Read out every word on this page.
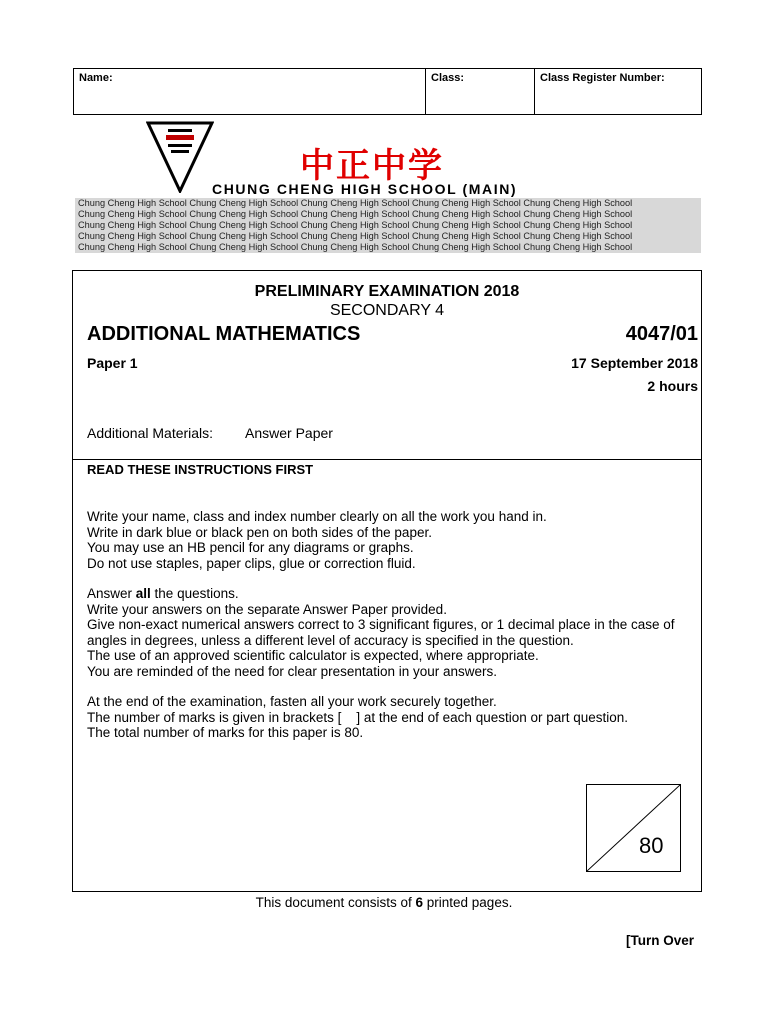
Name:	Class:	Class Register Number:
中正中学
CHUNG CHENG HIGH SCHOOL (MAIN)
Chung Cheng High School Chung Cheng High School Chung Cheng High School Chung Cheng High School Chung Cheng High School
Chung Cheng High School Chung Cheng High School Chung Cheng High School Chung Cheng High School Chung Cheng High School
Chung Cheng High School Chung Cheng High School Chung Cheng High School Chung Cheng High School Chung Cheng High School
Chung Cheng High School Chung Cheng High School Chung Cheng High School Chung Cheng High School Chung Cheng High School
Chung Cheng High School Chung Cheng High School Chung Cheng High School Chung Cheng High School Chung Cheng High School
PRELIMINARY EXAMINATION 2018
SECONDARY 4
ADDITIONAL MATHEMATICS	4047/01
Paper 1	17 September 2018
2 hours
Additional Materials: Answer Paper
READ THESE INSTRUCTIONS FIRST
Write your name, class and index number clearly on all the work you hand in.
Write in dark blue or black pen on both sides of the paper.
You may use an HB pencil for any diagrams or graphs.
Do not use staples, paper clips, glue or correction fluid.
Answer all the questions.
Write your answers on the separate Answer Paper provided.
Give non-exact numerical answers correct to 3 significant figures, or 1 decimal place in the case of
angles in degrees, unless a different level of accuracy is specified in the question.
The use of an approved scientific calculator is expected, where appropriate.
You are reminded of the need for clear presentation in your answers.
At the end of the examination, fasten all your work securely together.
The number of marks is given in brackets [    ] at the end of each question or part question.
The total number of marks for this paper is 80.
80
This document consists of 6 printed pages.
[Turn Over
